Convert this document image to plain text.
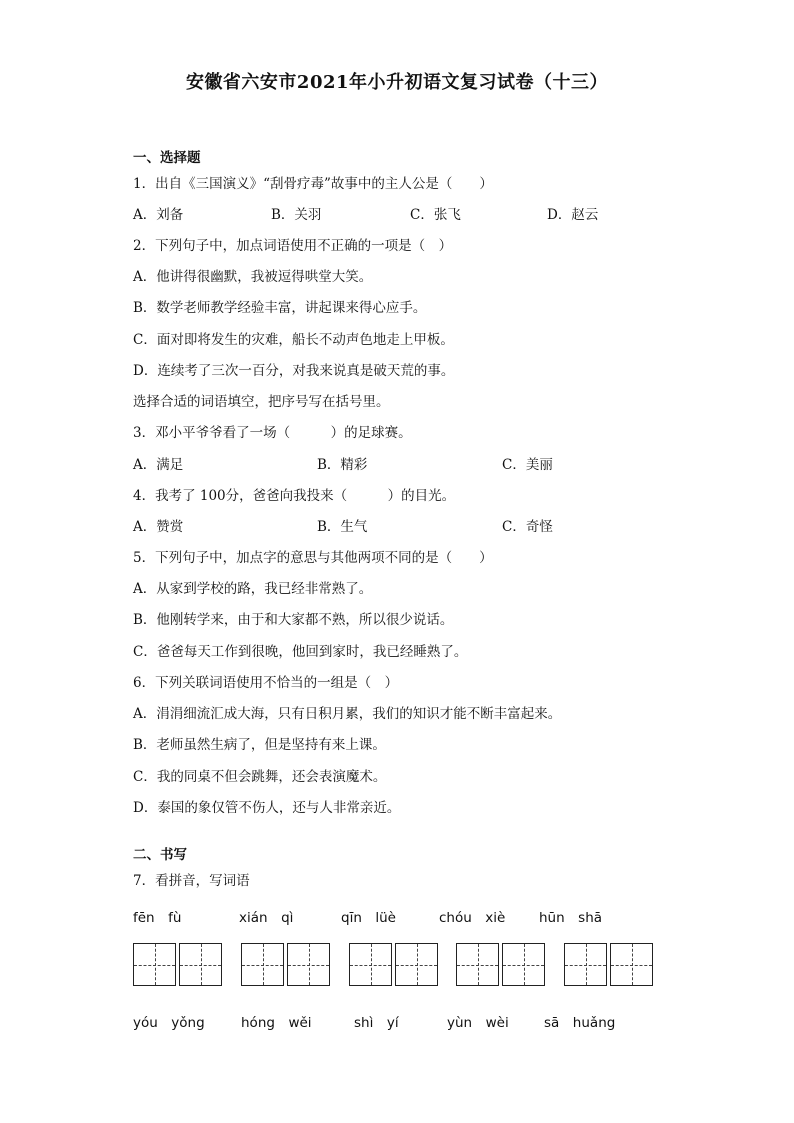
安徽省六安市2021年小升初语文复习试卷（十三）
一、选择题
1．出自《三国演义》“刮骨疗毒”故事中的主人公是（　　）
A．刘备	B．关羽	C．张飞	D．赵云
2．下列句子中，加点词语使用不正确的一项是（　）
A．他讲得很幽默，我被逗得哄堂大笑。
B．数学老师教学经验丰富，讲起课来得心应手。
C．面对即将发生的灾难，船长不动声色地走上甲板。
D．连续考了三次一百分，对我来说真是破天荒的事。
选择合适的词语填空，把序号写在括号里。
3．邓小平爷爷看了一场（　　　）的足球赛。
A．满足	B．精彩	C．美丽
4．我考了 100分，爸爸向我投来（　　　）的目光。
A．赞赏	B．生气	C．奇怪
5．下列句子中，加点字的意思与其他两项不同的是（　　）
A．从家到学校的路，我已经非常熟了。
B．他刚转学来，由于和大家都不熟，所以很少说话。
C．爸爸每天工作到很晚，他回到家时，我已经睡熟了。
6．下列关联词语使用不恰当的一组是（　）
A．涓涓细流汇成大海，只有日积月累，我们的知识才能不断丰富起来。
B．老师虽然生病了，但是坚持有来上课。
C．我的同桌不但会跳舞，还会表演魔术。
D．泰国的象仅管不伤人，还与人非常亲近。
二、书写
7．看拼音，写词语
fēn　fù	xián　qì	qīn　lüè	chóu　xiè hūn　shā
yóu　yǒng	hóng　wěi	shì　yí	yùn　wèi	sā　huǎng
